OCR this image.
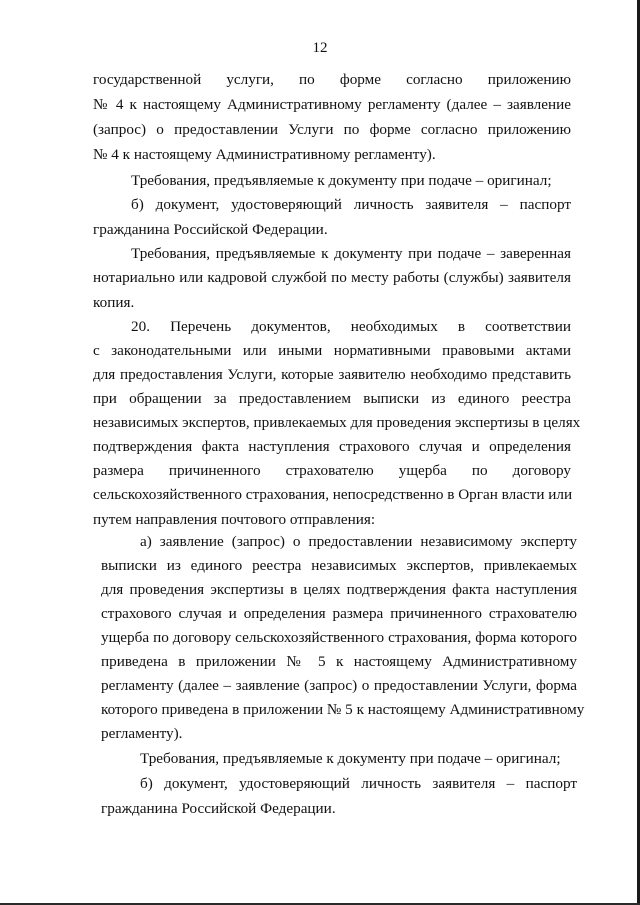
12
государственной услуги, по форме согласно приложению
№ 4 к настоящему Административному регламенту (далее – заявление
(запрос) о предоставлении Услуги по форме согласно приложению
№ 4 к настоящему Административному регламенту).
Требования, предъявляемые к документу при подаче – оригинал;
б) документ, удостоверяющий личность заявителя – паспорт
гражданина Российской Федерации.
Требования, предъявляемые к документу при подаче – заверенная
нотариально или кадровой службой по месту работы (службы) заявителя
копия.
20. Перечень документов, необходимых в соответствии
с законодательными или иными нормативными правовыми актами
для предоставления Услуги, которые заявителю необходимо представить
при обращении за предоставлением выписки из единого реестра
независимых экспертов, привлекаемых для проведения экспертизы в целях
подтверждения факта наступления страхового случая и определения
размера причиненного страхователю ущерба по договору
сельскохозяйственного страхования, непосредственно в Орган власти или
путем направления почтового отправления:
а) заявление (запрос) о предоставлении независимому эксперту
выписки из единого реестра независимых экспертов, привлекаемых
для проведения экспертизы в целях подтверждения факта наступления
страхового случая и определения размера причиненного страхователю
ущерба по договору сельскохозяйственного страхования, форма которого
приведена в приложении № 5 к настоящему Административному
регламенту (далее – заявление (запрос) о предоставлении Услуги, форма
которого приведена в приложении № 5 к настоящему Административному
регламенту).
Требования, предъявляемые к документу при подаче – оригинал;
б) документ, удостоверяющий личность заявителя – паспорт
гражданина Российской Федерации.
